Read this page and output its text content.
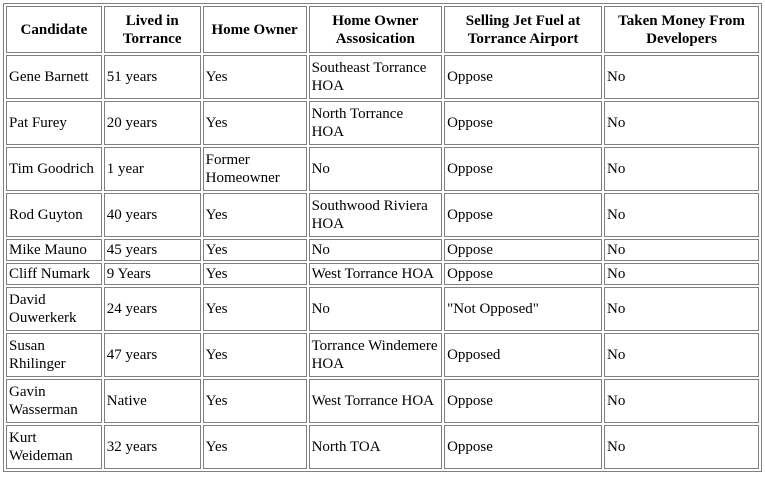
Candidate	Lived in Torrance	Home Owner	Home Owner Assosication	Selling Jet Fuel at Torrance Airport	Taken Money From Developers
Gene Barnett	51 years	Yes	Southeast Torrance HOA	Oppose	No
Pat Furey	20 years	Yes	North Torrance HOA	Oppose	No
Tim Goodrich	1 year	Former Homeowner	No	Oppose	No
Rod Guyton	40 years	Yes	Southwood Riviera HOA	Oppose	No
Mike Mauno	45 years	Yes	No	Oppose	No
Cliff Numark	9 Years	Yes	West Torrance HOA	Oppose	No
David Ouwerkerk	24 years	Yes	No	"Not Opposed"	No
Susan Rhilinger	47 years	Yes	Torrance Windemere HOA	Opposed	No
Gavin Wasserman	Native	Yes	West Torrance HOA	Oppose	No
Kurt Weideman	32 years	Yes	North TOA	Oppose	No
